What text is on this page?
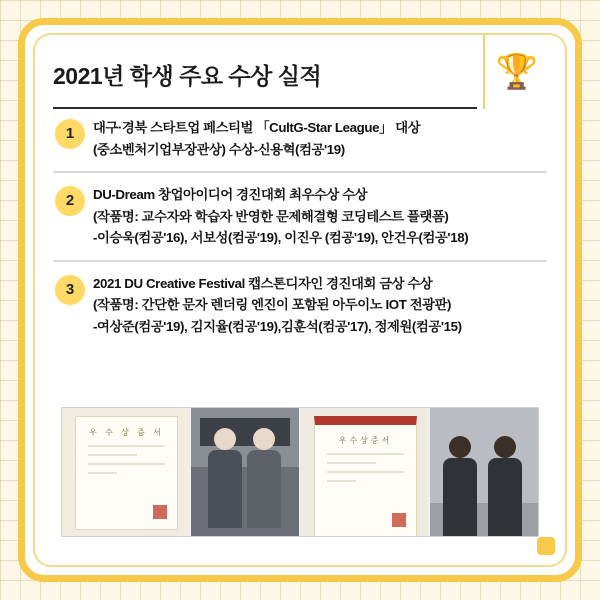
2021년 학생 주요 수상 실적	🏆
1	대구·경북 스타트업 페스티벌 「CultG-Star League」 대상
(중소벤처기업부장관상) 수상-신용혁(컴공'19)
2	DU-Dream 창업아이디어 경진대회 최우수상 수상
(작품명: 교수자와 학습자 반영한 문제해결형 코딩테스트 플랫폼)
-이승욱(컴공'16), 서보성(컴공'19), 이진우 (컴공'19), 안건우(컴공'18)
3	2021 DU Creative Festival 캡스톤디자인 경진대회 금상 수상
(작품명: 간단한 문자 렌더링 엔진이 포함된 아두이노 IOT 전광판)
-여상준(컴공'19), 김지율(컴공'19),김훈석(컴공'17), 정제원(컴공'15)
우 수 상 증 서
우수상증서
